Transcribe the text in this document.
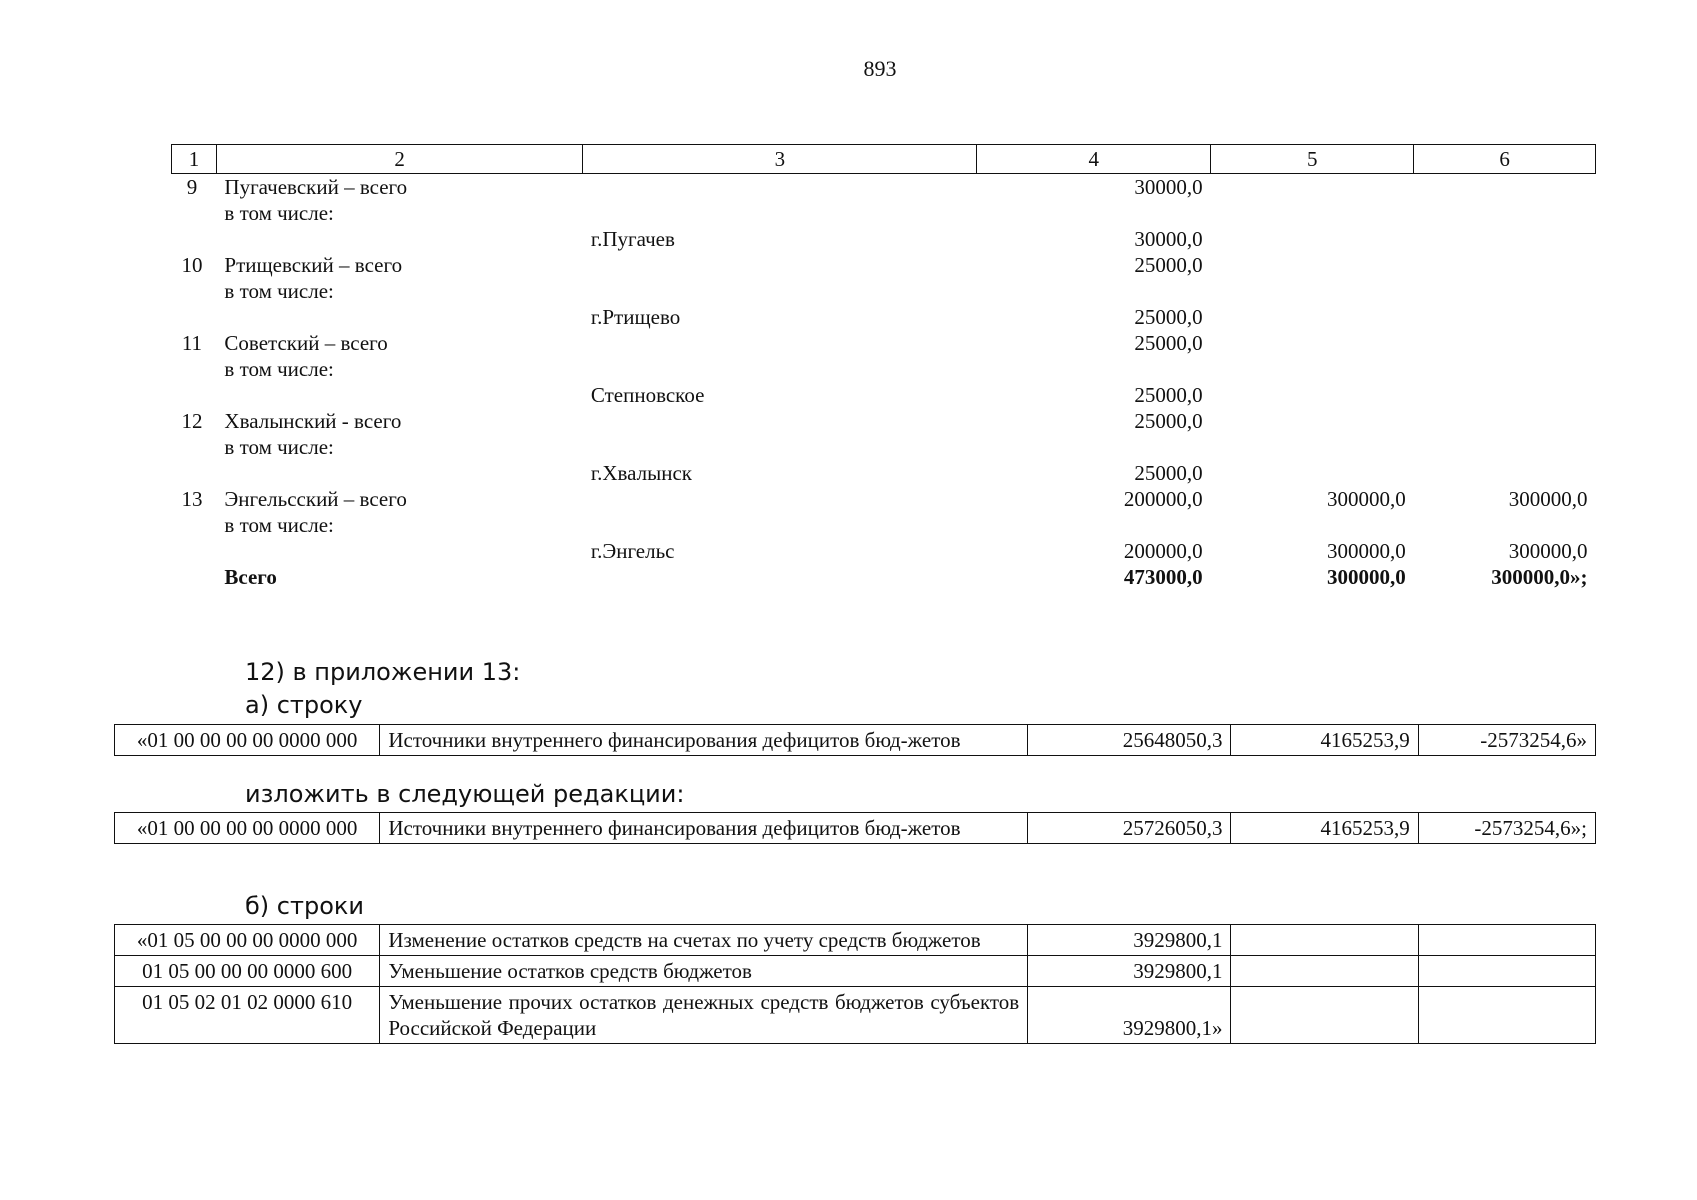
893
1	2	3	4	5	6
9	Пугачевский – всего		30000,0		
	в том числе:				
		г.Пугачев	30000,0		
10	Ртищевский – всего		25000,0		
	в том числе:				
		г.Ртищево	25000,0		
11	Советский – всего		25000,0		
	в том числе:				
		Степновское	25000,0		
12	Хвалынский - всего		25000,0		
	в том числе:				
		г.Хвалынск	25000,0		
13	Энгельсский – всего		200000,0	300000,0	300000,0
	в том числе:				
		г.Энгельс	200000,0	300000,0	300000,0
	Всего		473000,0	300000,0	300000,0»;
12) в приложении 13:
а) строку
«01 00 00 00 00 0000 000	Источники внутреннего финансирования дефицитов бюд-жетов	25648050,3	4165253,9	-2573254,6»
изложить в следующей редакции:
«01 00 00 00 00 0000 000	Источники внутреннего финансирования дефицитов бюд-жетов	25726050,3	4165253,9	-2573254,6»;
б) строки
«01 05 00 00 00 0000 000	Изменение остатков средств на счетах по учету средств бюджетов	3929800,1		
01 05 00 00 00 0000 600	Уменьшение остатков средств бюджетов	3929800,1		
01 05 02 01 02 0000 610	Уменьшение прочих остатков денежных средств бюджетов субъектов Российской Федерации	3929800,1»		
